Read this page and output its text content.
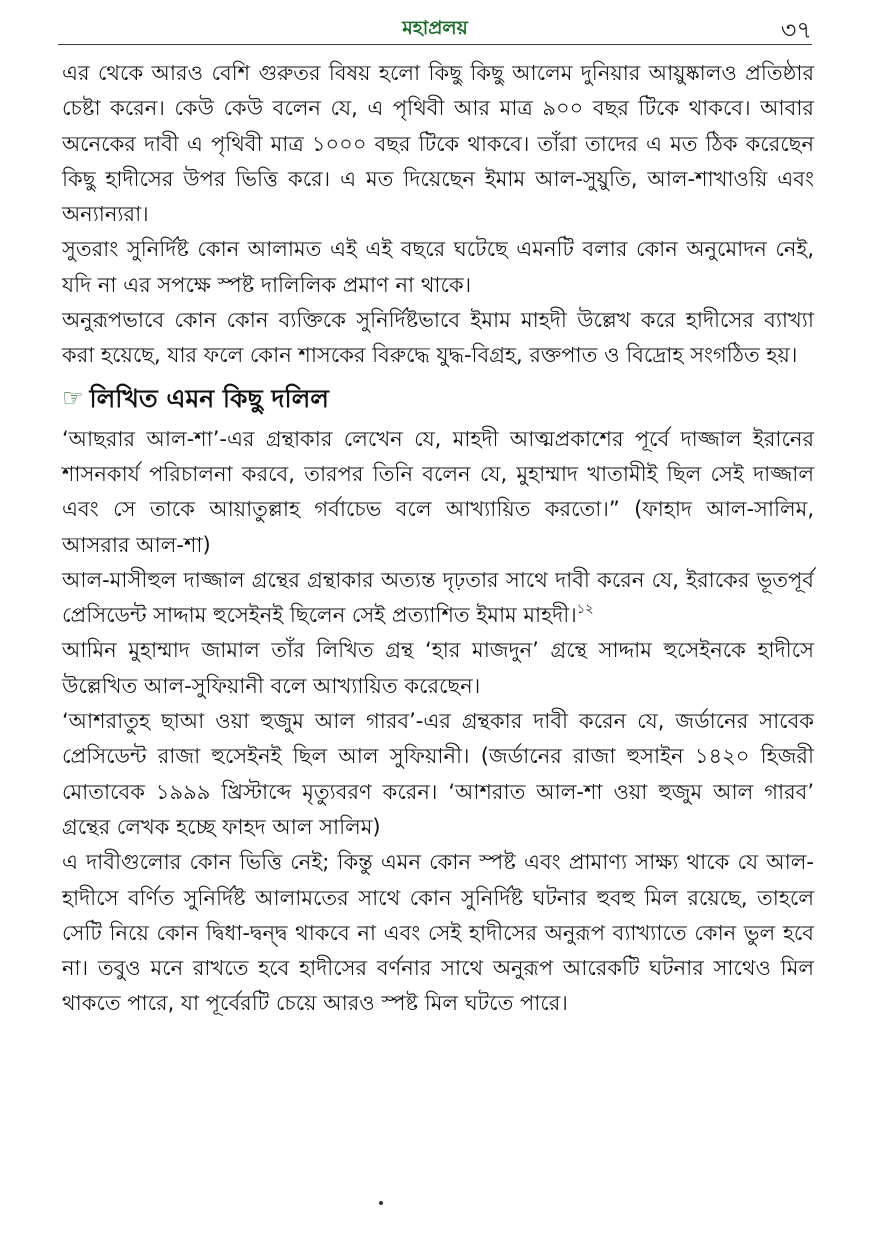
মহাপ্রলয়	৩৭

এর থেকে আরও বেশি গুরুতর বিষয় হলো কিছু কিছু আলেম দুনিয়ার আয়ুষ্কালও প্রতিষ্ঠার চেষ্টা করেন। কেউ কেউ বলেন যে, এ পৃথিবী আর মাত্র ৯০০ বছর টিকে থাকবে। আবার অনেকের দাবী এ পৃথিবী মাত্র ১০০০ বছর টিকে থাকবে। তাঁরা তাদের এ মত ঠিক করেছেন কিছু হাদীসের উপর ভিত্তি করে। এ মত দিয়েছেন ইমাম আল-সুয়ুতি, আল-শাখাওয়ি এবং অন্যান্যরা।

সুতরাং সুনির্দিষ্ট কোন আলামত এই এই বছরে ঘটেছে এমনটি বলার কোন অনুমোদন নেই, যদি না এর সপক্ষে স্পষ্ট দালিলিক প্রমাণ না থাকে।

অনুরূপভাবে কোন কোন ব্যক্তিকে সুনির্দিষ্টভাবে ইমাম মাহদী উল্লেখ করে হাদীসের ব্যাখ্যা করা হয়েছে, যার ফলে কোন শাসকের বিরুদ্ধে যুদ্ধ-বিগ্রহ, রক্তপাত ও বিদ্রোহ সংগঠিত হয়।

☞ লিখিত এমন কিছু দলিল

‘আছরার আল-শা’-এর গ্রন্থাকার লেখেন যে, মাহদী আত্মপ্রকাশের পূর্বে দাজ্জাল ইরানের শাসনকার্য পরিচালনা করবে, তারপর তিনি বলেন যে, মুহাম্মাদ খাতামীই ছিল সেই দাজ্জাল এবং সে তাকে আয়াতুল্লাহ গর্বাচেভ বলে আখ্যায়িত করতো।” (ফাহাদ আল-সালিম, আসরার আল-শা)

আল-মাসীহুল দাজ্জাল গ্রন্থের গ্রন্থাকার অত্যন্ত দৃঢ়তার সাথে দাবী করেন যে, ইরাকের ভূতপূর্ব প্রেসিডেন্ট সাদ্দাম হুসেইনই ছিলেন সেই প্রত্যাশিত ইমাম মাহদী।$^{১২}$

আমিন মুহাম্মাদ জামাল তাঁর লিখিত গ্রন্থ ‘হার মাজদুন’ গ্রন্থে সাদ্দাম হুসেইনকে হাদীসে উল্লেখিত আল-সুফিয়ানী বলে আখ্যায়িত করেছেন।

‘আশরাতুহ ছাআ ওয়া হুজুম আল গারব’-এর গ্রন্থকার দাবী করেন যে, জর্ডানের সাবেক প্রেসিডেন্ট রাজা হুসেইনই ছিল আল সুফিয়ানী। (জর্ডানের রাজা হুসাইন ১৪২০ হিজরী মোতাবেক ১৯৯৯ খ্রিস্টাব্দে মৃত্যুবরণ করেন। ‘আশরাত আল-শা ওয়া হুজুম আল গারব’ গ্রন্থের লেখক হচ্ছে ফাহদ আল সালিম)

এ দাবীগুলোর কোন ভিত্তি নেই; কিন্তু এমন কোন স্পষ্ট এবং প্রামাণ্য সাক্ষ্য থাকে যে আল-হাদীসে বর্ণিত সুনির্দিষ্ট আলামতের সাথে কোন সুনির্দিষ্ট ঘটনার হুবহু মিল রয়েছে, তাহলে সেটি নিয়ে কোন দ্বিধা-দ্বন্দ্ব থাকবে না এবং সেই হাদীসের অনুরূপ ব্যাখ্যাতে কোন ভুল হবে না। তবুও মনে রাখতে হবে হাদীসের বর্ণনার সাথে অনুরূপ আরেকটি ঘটনার সাথেও মিল থাকতে পারে, যা পূর্বেরটি চেয়ে আরও স্পষ্ট মিল ঘটতে পারে।
